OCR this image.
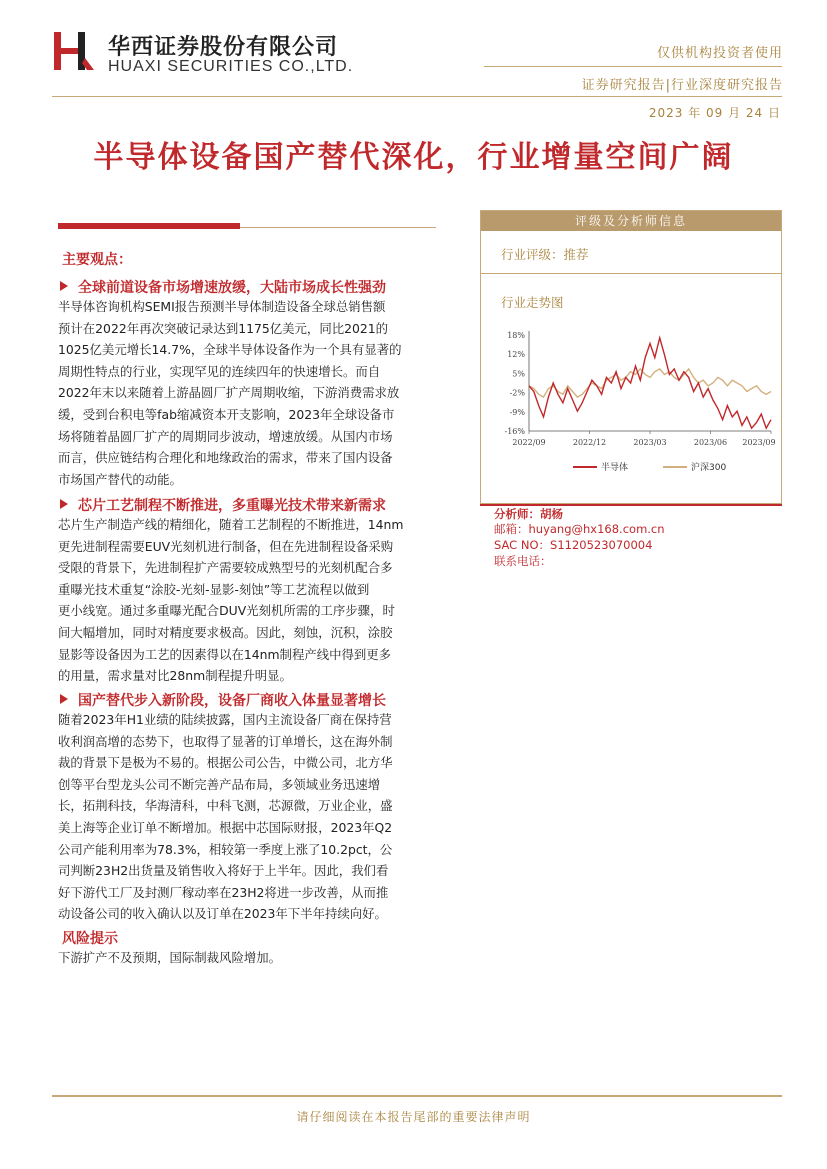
华西证券股份有限公司
HUAXI SECURITIES CO.,LTD.
仅供机构投资者使用
证券研究报告|行业深度研究报告
2023 年 09 月 24 日
半导体设备国产替代深化，行业增量空间广阔
主要观点：
全球前道设备市场增速放缓，大陆市场成长性强劲
半导体咨询机构SEMI报告预测半导体制造设备全球总销售额
预计在2022年再次突破记录达到1175亿美元，同比2021的
1025亿美元增长14.7%，全球半导体设备作为一个具有显著的
周期性特点的行业，实现罕见的连续四年的快速增长。而自
2022年末以来随着上游晶圆厂扩产周期收缩，下游消费需求放
缓，受到台积电等fab缩减资本开支影响，2023年全球设备市
场将随着晶圆厂扩产的周期同步波动，增速放缓。从国内市场
而言，供应链结构合理化和地缘政治的需求，带来了国内设备
市场国产替代的动能。
芯片工艺制程不断推进，多重曝光技术带来新需求
芯片生产制造产线的精细化，随着工艺制程的不断推进，14nm
更先进制程需要EUV光刻机进行制备，但在先进制程设备采购
受限的背景下，先进制程扩产需要较成熟型号的光刻机配合多
重曝光技术重复“涂胶-光刻-显影-刻蚀”等工艺流程以做到
更小线宽。通过多重曝光配合DUV光刻机所需的工序步骤，时
间大幅增加，同时对精度要求极高。因此，刻蚀，沉积，涂胶
显影等设备因为工艺的因素得以在14nm制程产线中得到更多
的用量，需求量对比28nm制程提升明显。
国产替代步入新阶段，设备厂商收入体量显著增长
随着2023年H1业绩的陆续披露，国内主流设备厂商在保持营
收利润高增的态势下，也取得了显著的订单增长，这在海外制
裁的背景下是极为不易的。根据公司公告，中微公司，北方华
创等平台型龙头公司不断完善产品布局，多领域业务迅速增
长，拓荆科技，华海清科，中科飞测，芯源微，万业企业，盛
美上海等企业订单不断增加。根据中芯国际财报，2023年Q2
公司产能利用率为78.3%，相较第一季度上涨了10.2pct，公
司判断23H2出货量及销售收入将好于上半年。因此，我们看
好下游代工厂及封测厂稼动率在23H2将进一步改善，从而推
动设备公司的收入确认以及订单在2023年下半年持续向好。
风险提示
下游扩产不及预期，国际制裁风险增加。
评级及分析师信息
行业评级：推荐
行业走势图
18%
12%
5%
-2%
-9%
-16%
2022/09	2022/12	2023/03	2023/06 2023/09
半导体	沪深300
分析师：胡杨
邮箱：huyang@hx168.com.cn
SAC NO：S1120523070004
联系电话：
请仔细阅读在本报告尾部的重要法律声明
